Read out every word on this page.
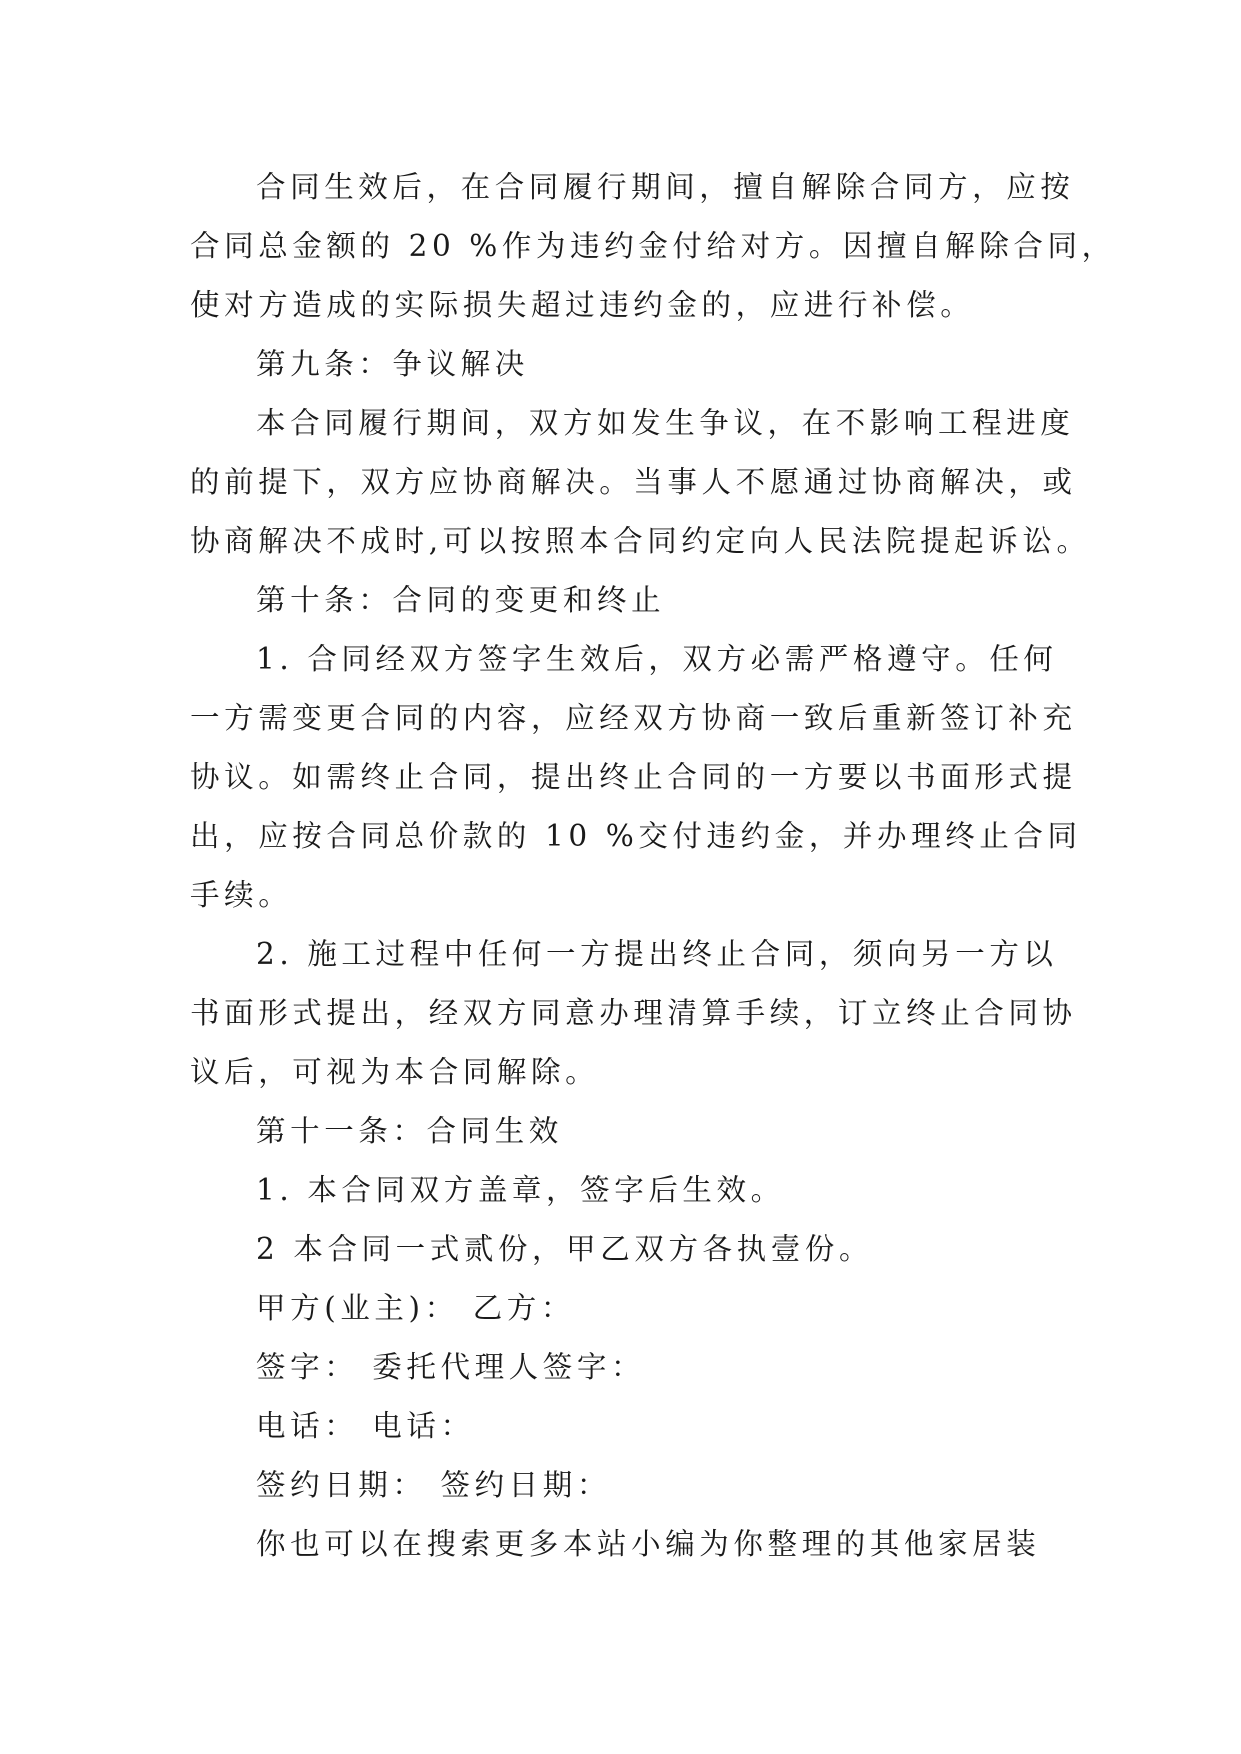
合同生效后，在合同履行期间，擅自解除合同方，应按
合同总金额的 20 %作为违约金付给对方。因擅自解除合同，
使对方造成的实际损失超过违约金的，应进行补偿。
第九条：争议解决
本合同履行期间，双方如发生争议，在不影响工程进度
的前提下，双方应协商解决。当事人不愿通过协商解决，或
协商解决不成时,可以按照本合同约定向人民法院提起诉讼。
第十条：合同的变更和终止
1. 合同经双方签字生效后，双方必需严格遵守。任何
一方需变更合同的内容，应经双方协商一致后重新签订补充
协议。如需终止合同，提出终止合同的一方要以书面形式提
出，应按合同总价款的 10 %交付违约金，并办理终止合同
手续。
2. 施工过程中任何一方提出终止合同，须向另一方以
书面形式提出，经双方同意办理清算手续，订立终止合同协
议后，可视为本合同解除。
第十一条：合同生效
1. 本合同双方盖章，签字后生效。
2 本合同一式贰份，甲乙双方各执壹份。
甲方(业主)： 乙方：
签字： 委托代理人签字：
电话： 电话：
签约日期： 签约日期：
你也可以在搜索更多本站小编为你整理的其他家居装
